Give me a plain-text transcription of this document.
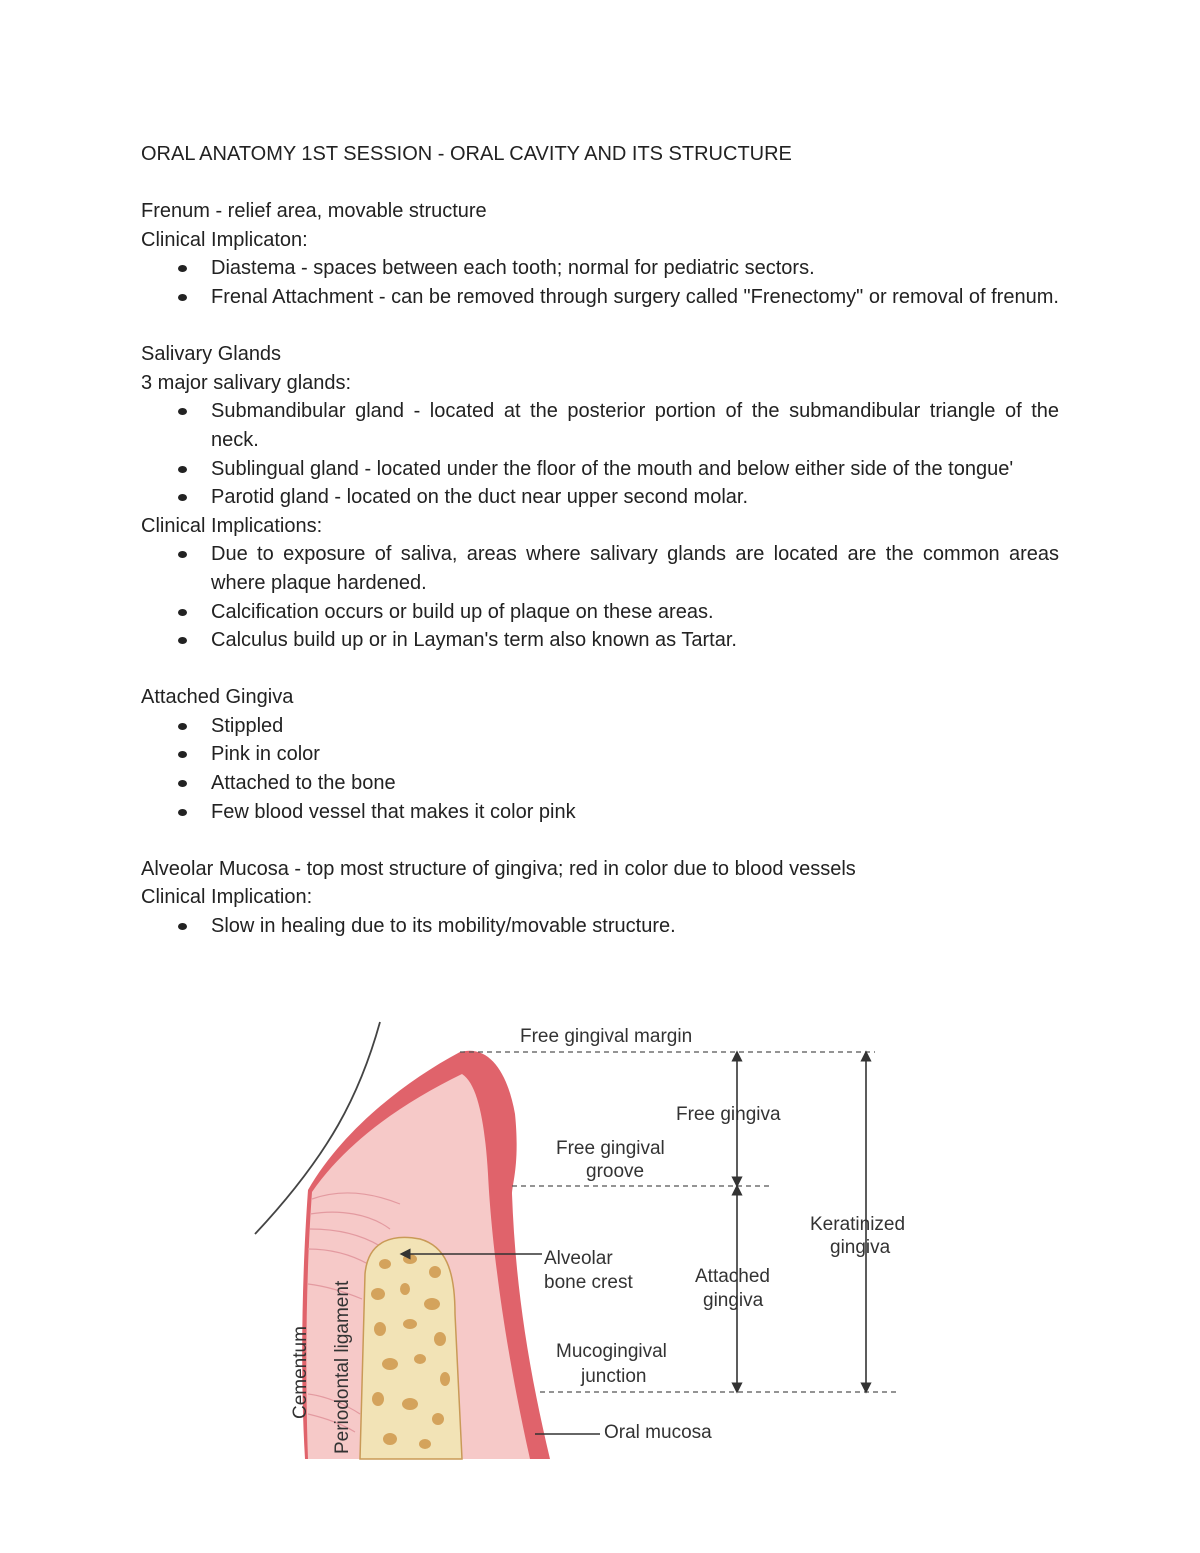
ORAL ANATOMY 1ST SESSION - ORAL CAVITY AND ITS STRUCTURE

Frenum - relief area, movable structure

Clinical Implicaton:

Diastema - spaces between each tooth; normal for pediatric sectors.
Frenal Attachment - can be removed through surgery called "Frenectomy" or removal of frenum.

Salivary Glands

3 major salivary glands:

Submandibular gland - located at the posterior portion of the submandibular triangle of the neck.
Sublingual gland - located under the floor of the mouth and below either side of the tongue'
Parotid gland - located on the duct near upper second molar.

Clinical Implications:

Due to exposure of saliva, areas where salivary glands are located are the common areas where plaque hardened.
Calcification occurs or build up of plaque on these areas.
Calculus build up or in Layman's term also known as Tartar.

Attached Gingiva

Stippled
Pink in color
Attached to the bone
Few blood vessel that makes it color pink

Alveolar Mucosa - top most structure of gingiva; red in color due to blood vessels

Clinical Implication:

Slow in healing due to its mobility/movable structure.
Free gingival margin
Free gingiva
Free gingival
groove
Keratinized
gingiva
Alveolar
bone crest	Attached
gingiva
Mucogingival
junction
Oral mucosa
Cementum Periodontal ligament
